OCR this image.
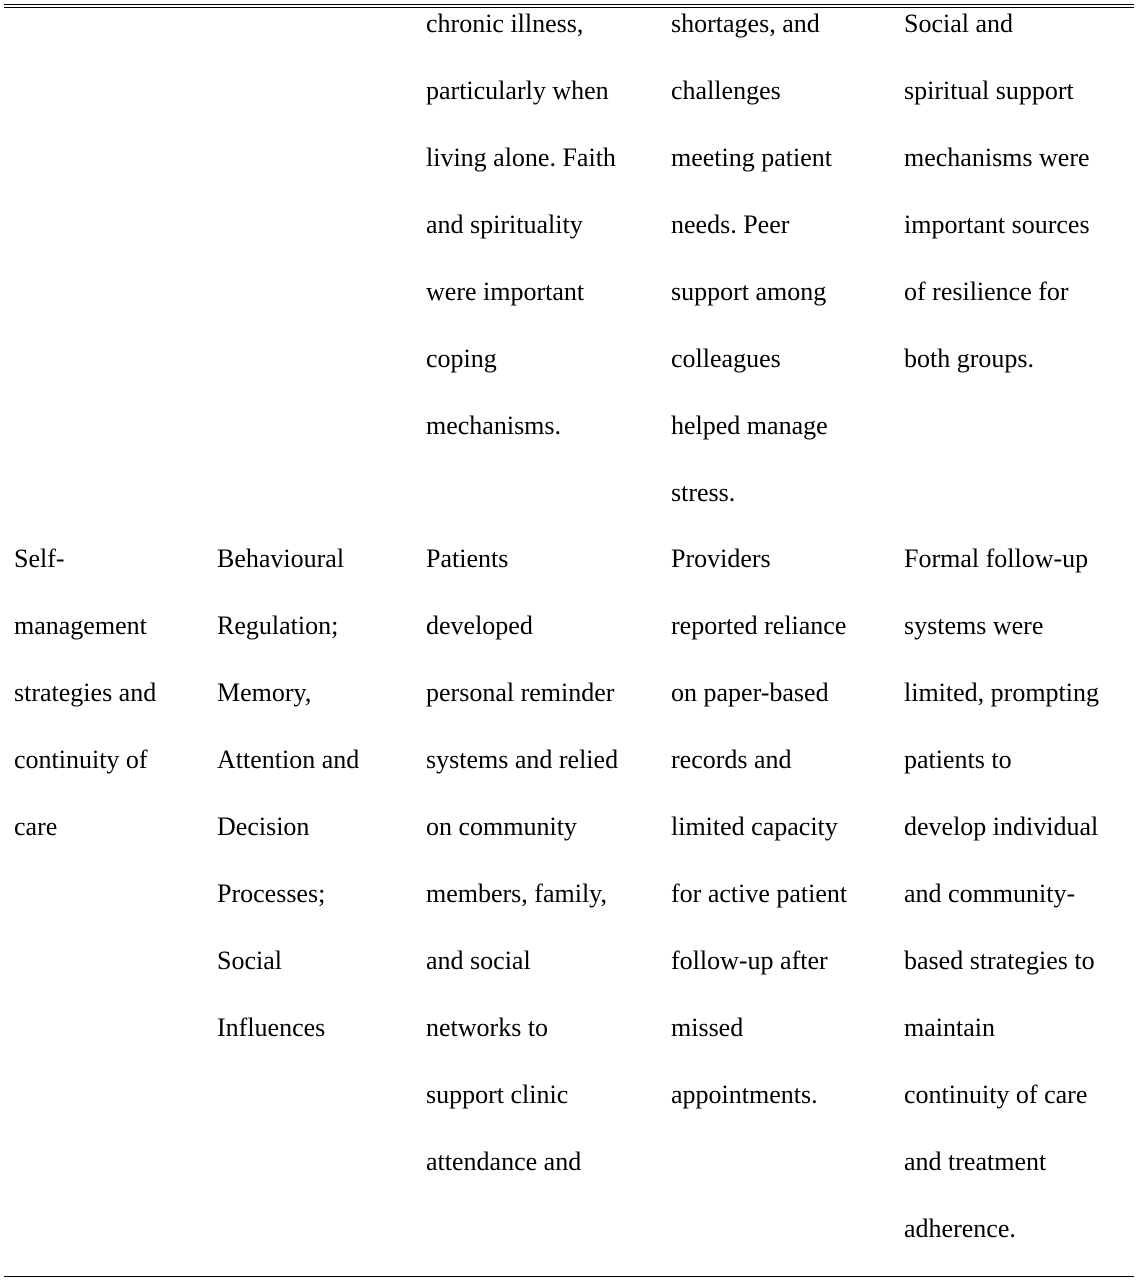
chronic illness,
particularly when
living alone. Faith
and spirituality
were important
coping
mechanisms.
shortages, and
challenges
meeting patient
needs. Peer
support among
colleagues
helped manage
stress.
Social and
spiritual support
mechanisms were
important sources
of resilience for
both groups.
Self-
management
strategies and
continuity of
care
Behavioural
Regulation;
Memory,
Attention and
Decision
Processes;
Social
Influences
Patients
developed
personal reminder
systems and relied
on community
members, family,
and social
networks to
support clinic
attendance and
Providers
reported reliance
on paper-based
records and
limited capacity
for active patient
follow-up after
missed
appointments.
Formal follow-up
systems were
limited, prompting
patients to
develop individual
and community-
based strategies to
maintain
continuity of care
and treatment
adherence.
